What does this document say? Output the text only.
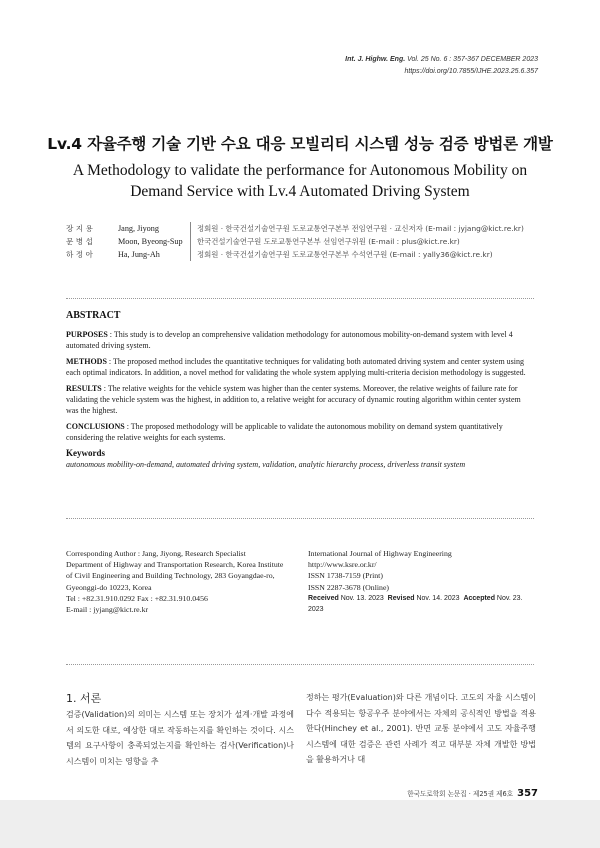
Int. J. Highw. Eng. Vol. 25 No. 6 : 357-367 DECEMBER 2023
https://doi.org/10.7855/IJHE.2023.25.6.357
Lv.4 자율주행 기술 기반 수요 대응 모빌리티 시스템 성능 검증 방법론 개발
A Methodology to validate the performance for Autonomous Mobility on Demand Service with Lv.4 Automated Driving System
장 지 용	Jang, Jiyong	정회원 · 한국건설기술연구원 도로교통연구본부 전임연구원 · 교신저자 (E-mail : jyjang@kict.re.kr)
문 병 섭	Moon, Byeong-Sup	한국건설기술연구원 도로교통연구본부 선임연구위원 (E-mail : plus@kict.re.kr)
하 정 아	Ha, Jung-Ah	정회원 · 한국건설기술연구원 도로교통연구본부 수석연구원 (E-mail : yally36@kict.re.kr)
ABSTRACT

PURPOSES : This study is to develop an comprehensive validation methodology for autonomous mobility-on-demand system with level 4 automated driving system.

METHODS : The proposed method includes the quantitative techniques for validating both automated driving system and center system using each optimal indicators. In addition, a novel method for validating the whole system applying multi-criteria decision methodology is suggested.

RESULTS : The relative weights for the vehicle system was higher than the center systems. Moreover, the relative weights of failure rate for validating the vehicle system was the highest, in addition to, a relative weight for accuracy of dynamic routing algorithm within center system was the highest.

CONCLUSIONS : The proposed methodology will be applicable to validate the autonomous mobility on demand system quantitatively considering the relative weights for each systems.

Keywords
autonomous mobility-on-demand, automated driving system, validation, analytic hierarchy process, driverless transit system
Corresponding Author : Jang, Jiyong, Research Specialist
Department of Highway and Transportation Research, Korea Institute
of Civil Engineering and Building Technology, 283 Goyangdae-ro,
Gyeonggi-do 10223, Korea
Tel : +82.31.910.0292 Fax : +82.31.910.0456
E-mail : jyjang@kict.re.kr
International Journal of Highway Engineering
http://www.ksre.or.kr/
ISSN 1738-7159 (Print)
ISSN 2287-3678 (Online)
Received Nov. 13. 2023 Revised Nov. 14. 2023 Accepted Nov. 23. 2023
1. 서론
검증(Validation)의 의미는 시스템 또는 장치가 설계·개발 과정에서 의도한 대로, 예상한 대로 작동하는지를 확인하는 것이다. 시스템의 요구사항이 충족되었는지를 확인하는 검사(Verification)나 시스템이 미치는 영향을 추
정하는 평가(Evaluation)와 다른 개념이다. 고도의 자율 시스템이 다수 적용되는 항공우주 분야에서는 자체의 공식적인 방법을 적용한다(Hinchey et al., 2001). 반면 교통 분야에서 고도 자율주행 시스템에 대한 검증은 관련 사례가 적고 대부분 자체 개발한 방법을 활용하거나 대
한국도로학회 논문집 · 제25권 제6호 357
